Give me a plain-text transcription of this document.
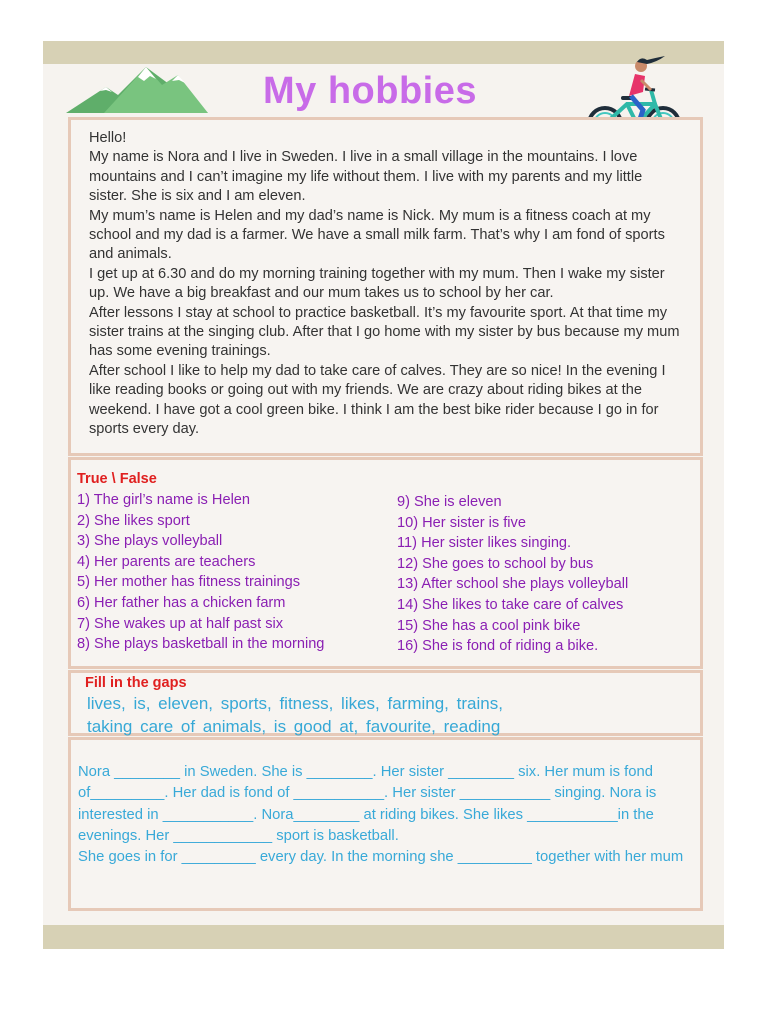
My hobbies

Hello!

My name is Nora and I live in Sweden. I live in a small village in the mountains. I love mountains and I can’t imagine my life without them. I live with my parents and my little sister. She is six and I am eleven.

My mum’s name is Helen and my dad’s name is Nick. My mum is a fitness coach at my school and my dad is a farmer. We have a small milk farm. That’s why I am fond of sports and animals.

I get up at 6.30 and do my morning training together with my mum. Then I wake my sister up. We have a big breakfast and our mum takes us to school by her car.

After lessons I stay at school to practice basketball. It’s my favourite sport. At that time my sister trains at the singing club. After that I go home with my sister by bus because my mum has some evening trainings.

After school I like to help my dad to take care of calves. They are so nice! In the evening I like reading books or going out with my friends. We are crazy about riding bikes at the weekend. I have got a cool green bike. I think I am the best bike rider because I go in for sports every day.

True \ False
1) The girl’s name is Helen
2) She likes sport
3) She plays volleyball
4) Her parents are teachers
5) Her mother has fitness trainings
6) Her father has a chicken farm
7) She wakes up at half past six
8) She plays basketball in the morning
9) She is eleven
10) Her sister is five
11) Her sister likes singing.
12) She goes to school by bus
13) After school she plays volleyball
14) She likes to take care of calves
15) She has a cool pink bike
16) She is fond of riding a bike.
Fill in the gaps
lives, is, eleven, sports, fitness, likes, farming, trains,
taking care of animals, is good at, favourite, reading

Nora ________ in Sweden. She is ________. Her sister ________ six. Her mum is fond of_________. Her dad is fond of ___________. Her sister ___________ singing. Nora is interested in ___________. Nora________ at riding bikes. She likes ___________in the evenings. Her ____________ sport is basketball.

She goes in for _________ every day. In the morning she _________ together with her mum
